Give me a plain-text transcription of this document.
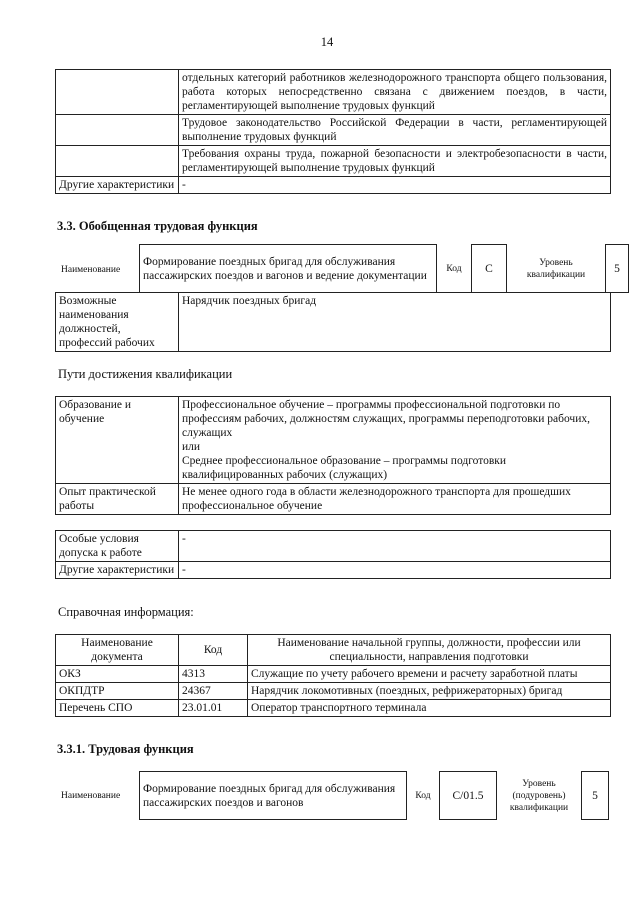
14
	отдельных категорий работников железнодорожного транспорта общего пользования, работа которых непосредственно связана с движением поездов, в части, регламентирующей выполнение трудовых функций
	Трудовое законодательство Российской Федерации в части, регламентирующей выполнение трудовых функций
	Требования охраны труда, пожарной безопасности и электробезопасности в части, регламентирующей выполнение трудовых функций
Другие характеристики	-
3.3. Обобщенная трудовая функция
Наименование
Формирование поездных бригад для обслуживания пассажирских поездов и вагонов и ведение документации	Код	C	Уровень квалификации	5
Возможные наименования должностей, профессий рабочих	Нарядчик поездных бригад
Пути достижения квалификации
Образование и обучение	Профессиональное обучение – программы профессиональной подготовки по профессиям рабочих, должностям служащих, программы переподготовки рабочих, служащих
или
Среднее профессиональное образование – программы подготовки квалифицированных рабочих (служащих)

Опыт практической работы	Не менее одного года в области железнодорожного транспорта для прошедших профессиональное обучение
Особые условия допуска к работе	-
Другие характеристики	-
Справочная информация:
Наименование документа	Код	Наименование начальной группы, должности, профессии или специальности, направления подготовки
ОКЗ	4313	Служащие по учету рабочего времени и расчету заработной платы
ОКПДТР	24367	Нарядчик локомотивных (поездных, рефрижераторных) бригад
Перечень СПО	23.01.01	Оператор транспортного терминала
3.3.1. Трудовая функция
Наименование
Формирование поездных бригад для обслуживания пассажирских поездов и вагонов	Код	C/01.5	Уровень (подуровень) квалификации	5
